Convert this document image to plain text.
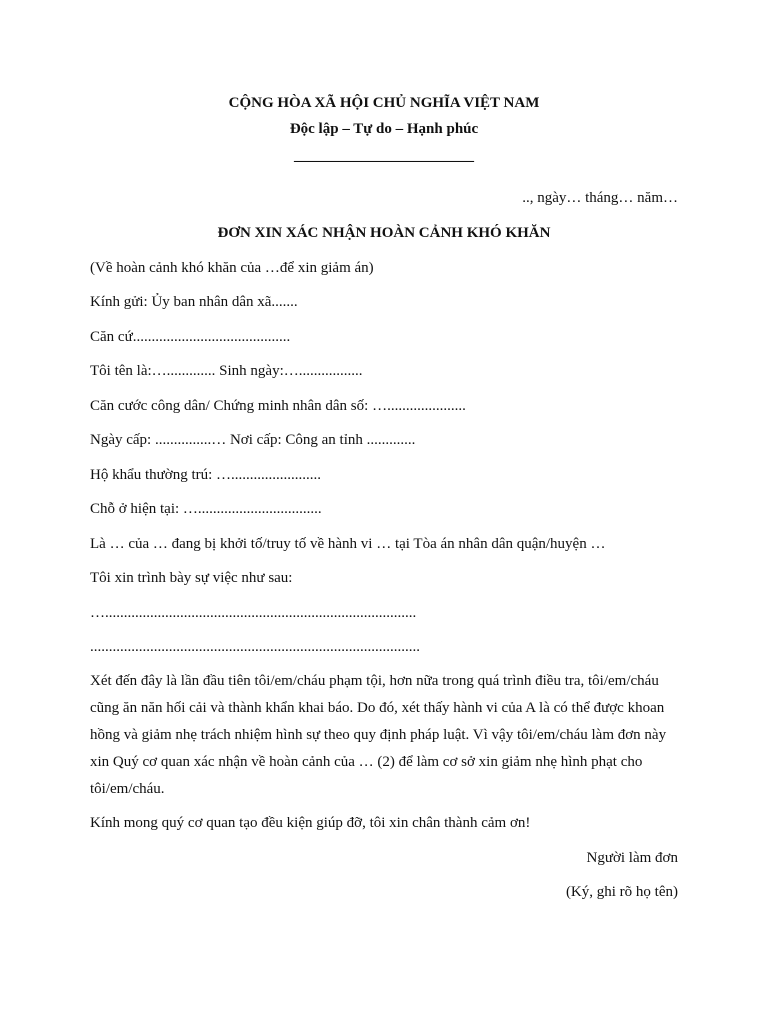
CỘNG HÒA XÃ HỘI CHỦ NGHĨA VIỆT NAM
Độc lập – Tự do – Hạnh phúc
________________________
.., ngày… tháng… năm…
ĐƠN XIN XÁC NHẬN HOÀN CẢNH KHÓ KHĂN
(Về hoàn cảnh khó khăn của …để xin giảm án)
Kính gửi: Ủy ban nhân dân xã.......
Căn cứ..........................................
Tôi tên là:…............. Sinh ngày:….................
Căn cước công dân/ Chứng minh nhân dân số: ….....................
Ngày cấp: ...............… Nơi cấp: Công an tỉnh .............
Hộ khẩu thường trú: …........................
Chỗ ở hiện tại: ….................................
Là … của … đang bị khởi tố/truy tố về hành vi … tại Tòa án nhân dân quận/huyện …
Tôi xin trình bày sự việc như sau:
…...................................................................................
........................................................................................
Xét đến đây là lần đầu tiên tôi/em/cháu phạm tội, hơn nữa trong quá trình điều tra, tôi/em/cháu
cũng ăn năn hối cải và thành khẩn khai báo. Do đó, xét thấy hành vi của A là có thể được khoan
hồng và giảm nhẹ trách nhiệm hình sự theo quy định pháp luật. Vì vậy tôi/em/cháu làm đơn này
xin Quý cơ quan xác nhận về hoàn cảnh của … (2) để làm cơ sở xin giảm nhẹ hình phạt cho
tôi/em/cháu.
Kính mong quý cơ quan tạo đều kiện giúp đỡ, tôi xin chân thành cảm ơn!
Người làm đơn
(Ký, ghi rõ họ tên)
